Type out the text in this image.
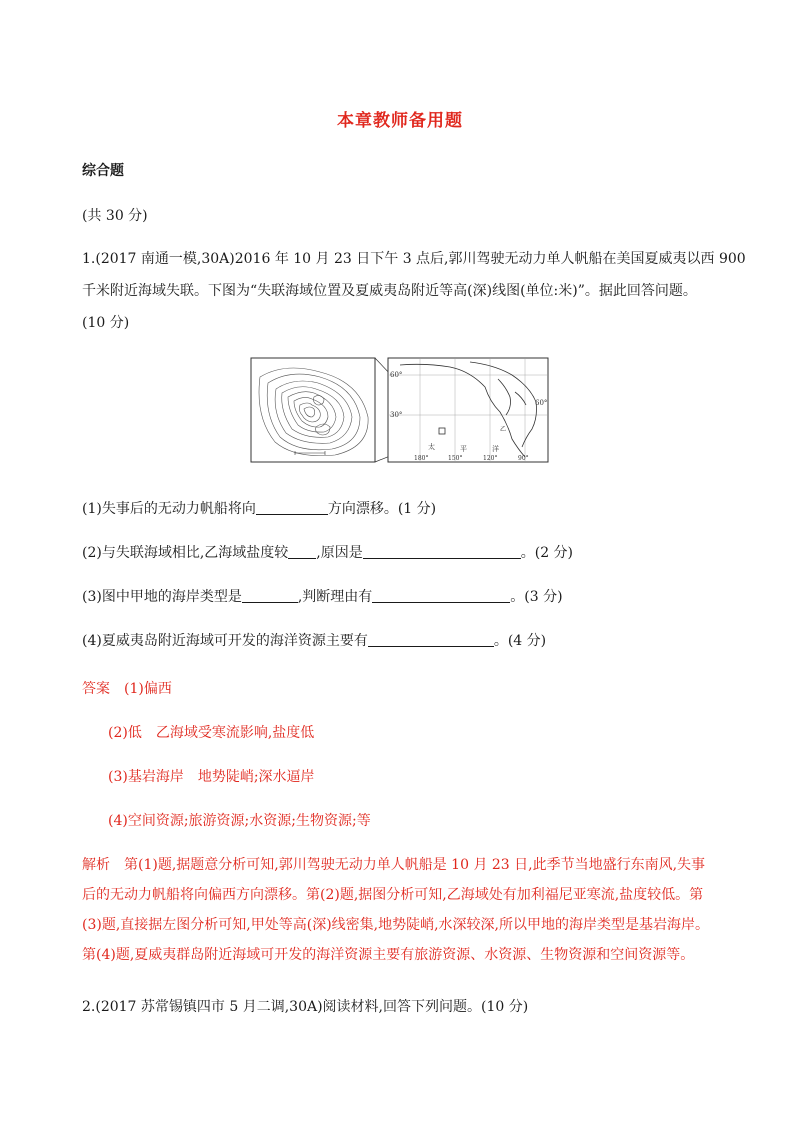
本章教师备用题
综合题
(共 30 分)
1.(2017 南通一模,30A)2016 年 10 月 23 日下午 3 点后,郭川驾驶无动力单人帆船在美国夏威夷以西 900
千米附近海域失联。下图为“失联海域位置及夏威夷岛附近等高(深)线图(单位:米)”。据此回答问题。
(10 分)
60°
30°
60°
180°	150°	120°	90°
太	平	洋
乙
(1)失事后的无动力帆船将向	方向漂移。(1 分)
(2)与失联海域相比,乙海域盐度较 ,原因是	。(2 分)
(3)图中甲地的海岸类型是	,判断理由有	。(3 分)
(4)夏威夷岛附近海域可开发的海洋资源主要有	。(4 分)
答案　 (1)偏西
(2)低　乙海域受寒流影响,盐度低
(3)基岩海岸　地势陡峭;深水逼岸
(4)空间资源;旅游资源;水资源;生物资源;等
解析　第(1)题,据题意分析可知,郭川驾驶无动力单人帆船是 10 月 23 日,此季节当地盛行东南风,失事
后的无动力帆船将向偏西方向漂移。第(2)题,据图分析可知,乙海域处有加利福尼亚寒流,盐度较低。第
(3)题,直接据左图分析可知,甲处等高(深)线密集,地势陡峭,水深较深,所以甲地的海岸类型是基岩海岸。
第(4)题,夏威夷群岛附近海域可开发的海洋资源主要有旅游资源、水资源、生物资源和空间资源等。
2.(2017 苏常锡镇四市 5 月二调,30A)阅读材料,回答下列问题。(10 分)
